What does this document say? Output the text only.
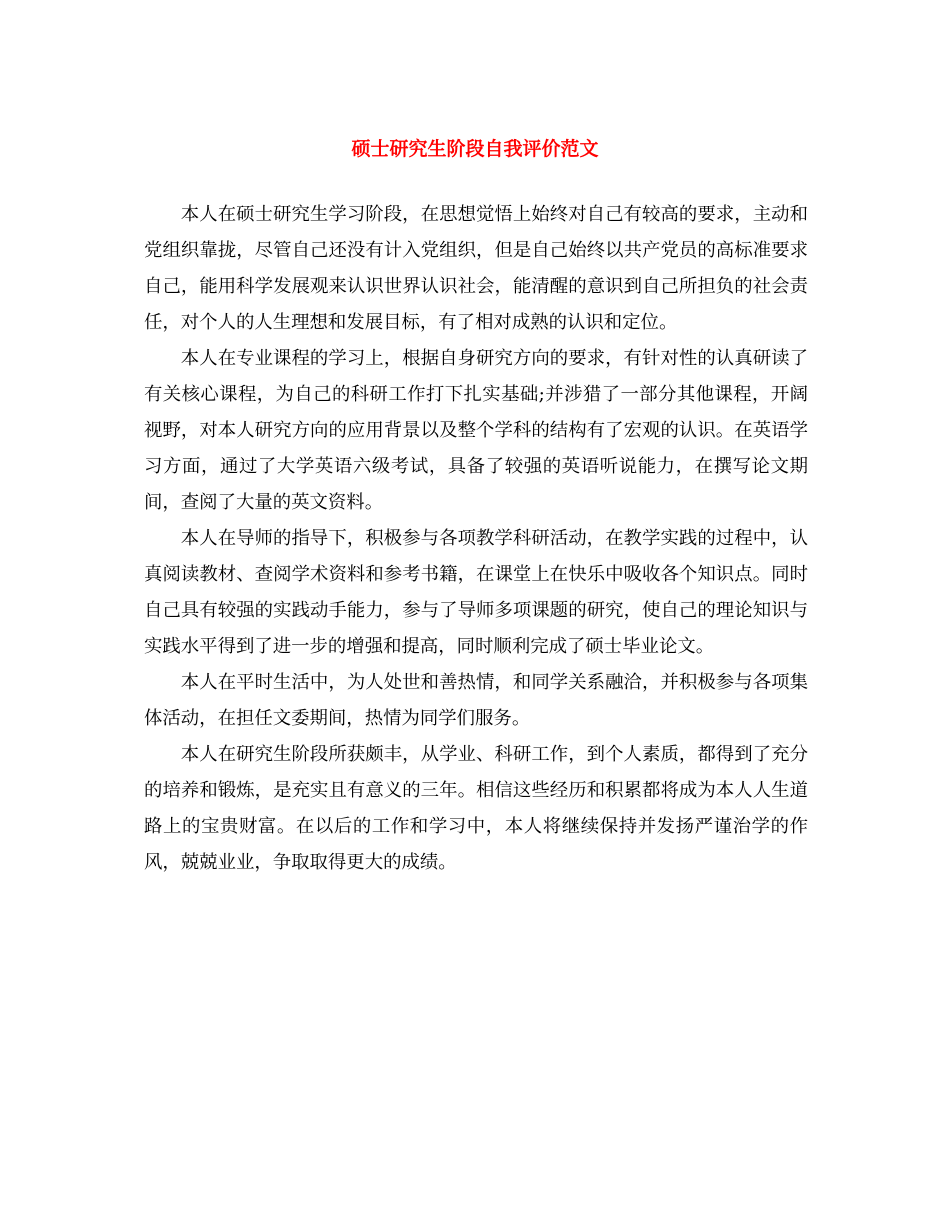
硕士研究生阶段自我评价范文

本人在硕士研究生学习阶段，在思想觉悟上始终对自己有较高的要求，主动和党组织靠拢，尽管自己还没有计入党组织，但是自己始终以共产党员的高标准要求自己，能用科学发展观来认识世界认识社会，能清醒的意识到自己所担负的社会责任，对个人的人生理想和发展目标，有了相对成熟的认识和定位。

本人在专业课程的学习上，根据自身研究方向的要求，有针对性的认真研读了有关核心课程，为自己的科研工作打下扎实基础;并涉猎了一部分其他课程，开阔视野，对本人研究方向的应用背景以及整个学科的结构有了宏观的认识。在英语学习方面，通过了大学英语六级考试，具备了较强的英语听说能力，在撰写论文期间，查阅了大量的英文资料。

本人在导师的指导下，积极参与各项教学科研活动，在教学实践的过程中，认真阅读教材、查阅学术资料和参考书籍，在课堂上在快乐中吸收各个知识点。同时自己具有较强的实践动手能力，参与了导师多项课题的研究，使自己的理论知识与实践水平得到了进一步的增强和提高，同时顺利完成了硕士毕业论文。

本人在平时生活中，为人处世和善热情，和同学关系融洽，并积极参与各项集体活动，在担任文委期间，热情为同学们服务。

本人在研究生阶段所获颇丰，从学业、科研工作，到个人素质，都得到了充分的培养和锻炼，是充实且有意义的三年。相信这些经历和积累都将成为本人人生道路上的宝贵财富。在以后的工作和学习中，本人将继续保持并发扬严谨治学的作风，兢兢业业，争取取得更大的成绩。
